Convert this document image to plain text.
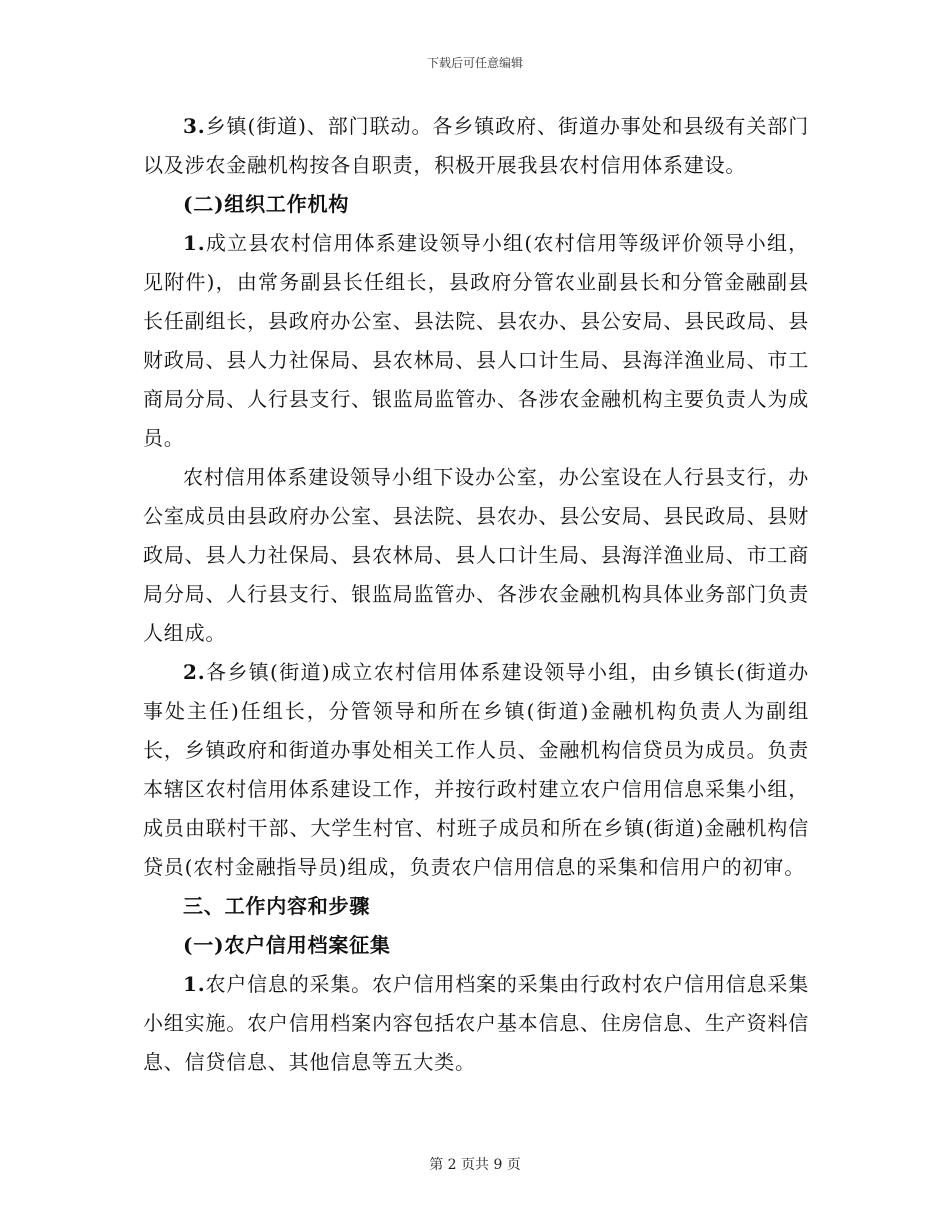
下载后可任意编辑

3.乡镇(街道)、部门联动。各乡镇政府、街道办事处和县级有关部门以及涉农金融机构按各自职责，积极开展我县农村信用体系建设。

(二)组织工作机构

1.成立县农村信用体系建设领导小组(农村信用等级评价领导小组，见附件)，由常务副县长任组长，县政府分管农业副县长和分管金融副县长任副组长，县政府办公室、县法院、县农办、县公安局、县民政局、县财政局、县人力社保局、县农林局、县人口计生局、县海洋渔业局、市工商局分局、人行县支行、银监局监管办、各涉农金融机构主要负责人为成员。

农村信用体系建设领导小组下设办公室，办公室设在人行县支行，办公室成员由县政府办公室、县法院、县农办、县公安局、县民政局、县财政局、县人力社保局、县农林局、县人口计生局、县海洋渔业局、市工商局分局、人行县支行、银监局监管办、各涉农金融机构具体业务部门负责人组成。

2.各乡镇(街道)成立农村信用体系建设领导小组，由乡镇长(街道办事处主任)任组长，分管领导和所在乡镇(街道)金融机构负责人为副组长，乡镇政府和街道办事处相关工作人员、金融机构信贷员为成员。负责本辖区农村信用体系建设工作，并按行政村建立农户信用信息采集小组，成员由联村干部、大学生村官、村班子成员和所在乡镇(街道)金融机构信贷员(农村金融指导员)组成，负责农户信用信息的采集和信用户的初审。

三、工作内容和步骤
(一)农户信用档案征集

1.农户信息的采集。农户信用档案的采集由行政村农户信用信息采集小组实施。农户信用档案内容包括农户基本信息、住房信息、生产资料信息、信贷信息、其他信息等五大类。

第 2 页共 9 页
